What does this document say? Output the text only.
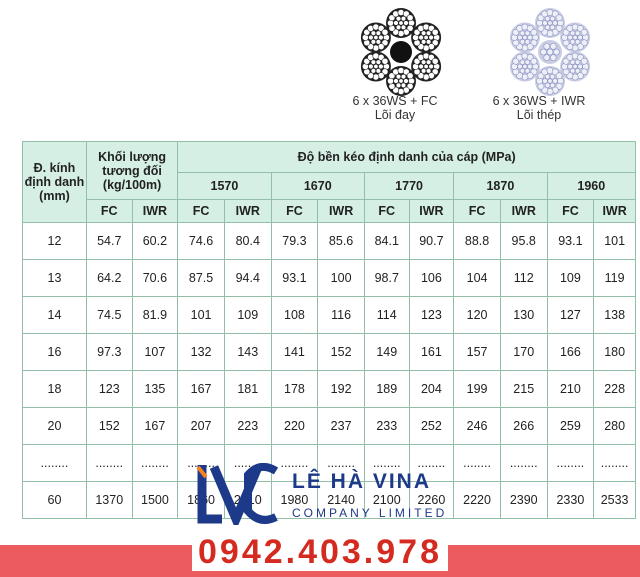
6 x 36WS + FC
Lõi đay
6 x 36WS + IWR
Lõi thép
Đ. kính định danh (mm)	Khối lượng tương đối (kg/100m)		Độ bền kéo định danh của cáp (MPa)									
			1570		1670		1770		1870		1960	
	FC	IWR	FC	IWR	FC	IWR	FC	IWR	FC	IWR	FC	IWR
12	54.7	60.2	74.6	80.4	79.3	85.6	84.1	90.7	88.8	95.8	93.1	101
13	64.2	70.6	87.5	94.4	93.1	100	98.7	106	104	112	109	119
14	74.5	81.9	101	109	108	116	114	123	120	130	127	138
16	97.3	107	132	143	141	152	149	161	157	170	166	180
18	123	135	167	181	178	192	189	204	199	215	210	228
20	152	167	207	223	220	237	233	252	246	266	259	280
........	........	........	........	........	........	........	........	........	........	........	........	........
60	1370	1500	1860	2010	1980	2140	2100	2260	2220	2390	2330	2533
LÊ HÀ VINA
COMPANY LIMITED
0942.403.978
